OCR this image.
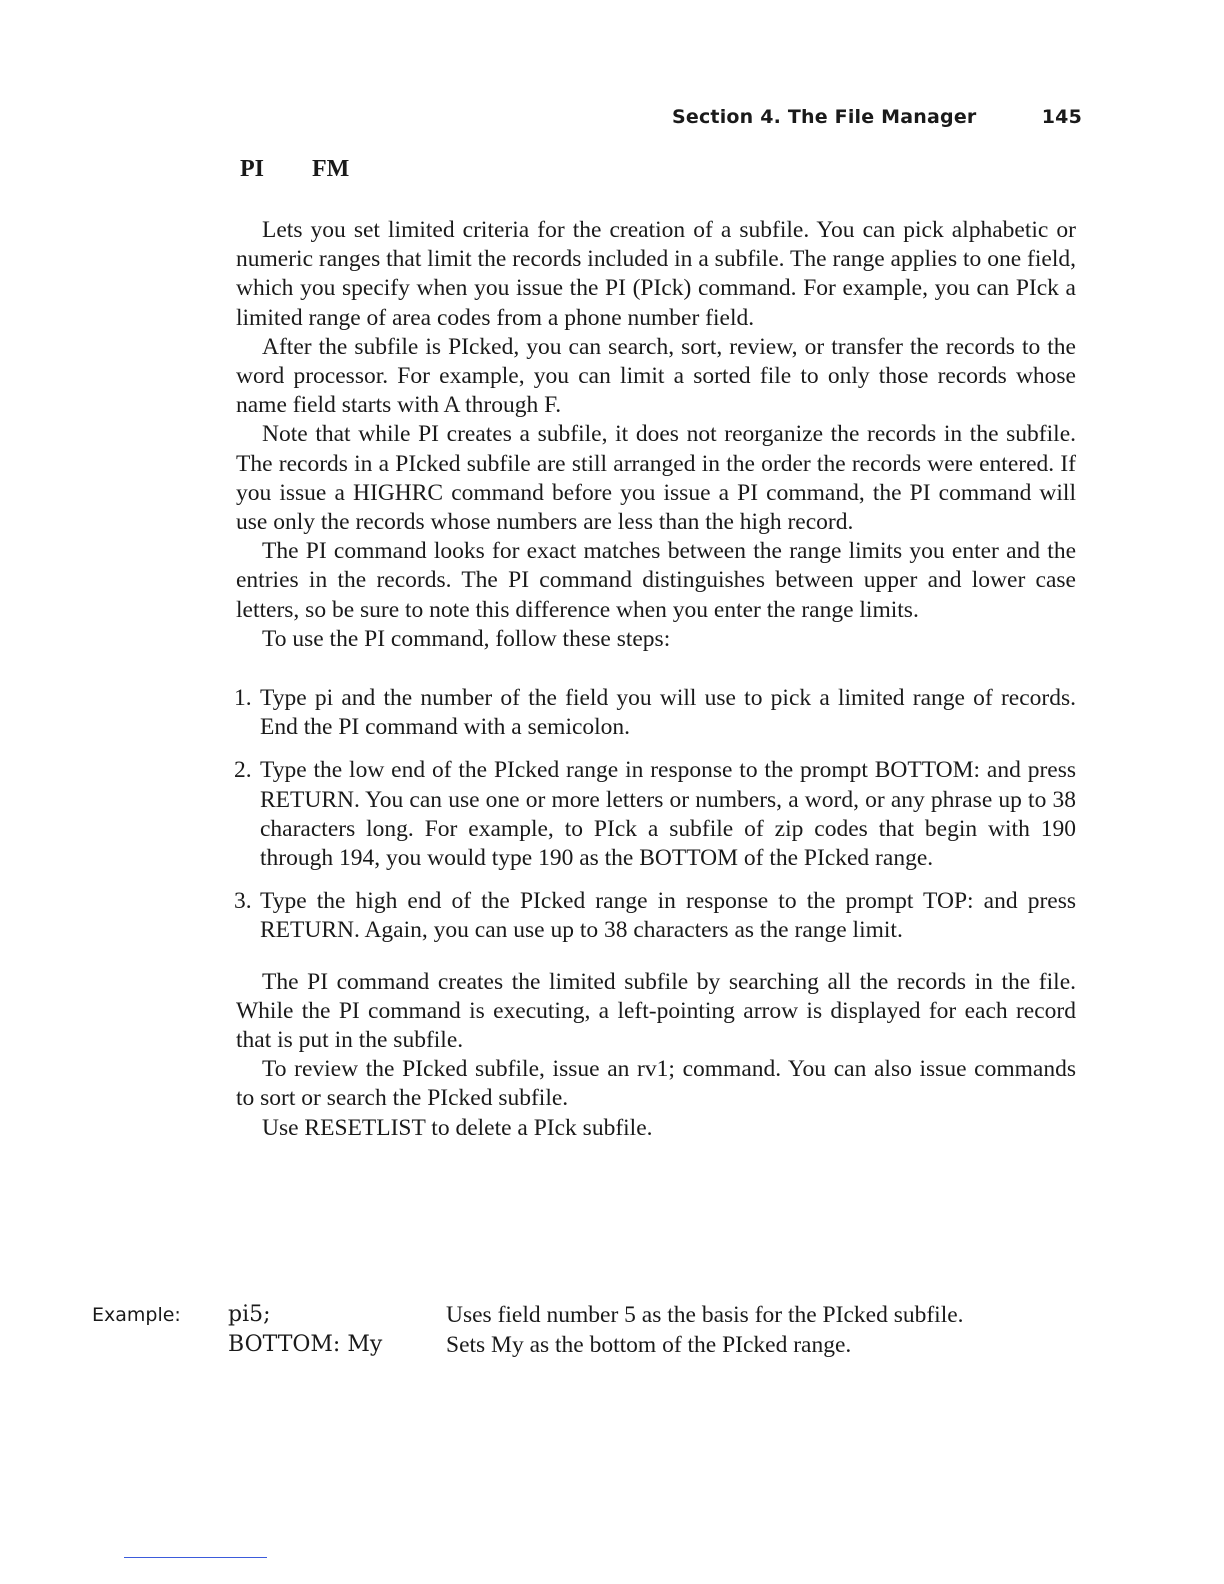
Section 4. The File Manager	145
PI FM

Lets you set limited criteria for the creation of a subfile. You can pick alphabetic or numeric ranges that limit the records included in a subfile. The range applies to one field, which you specify when you issue the PI (PIck) command. For example, you can PIck a limited range of area codes from a phone number field.

After the subfile is PIcked, you can search, sort, review, or transfer the records to the word processor. For example, you can limit a sorted file to only those records whose name field starts with A through F.

Note that while PI creates a subfile, it does not reorganize the records in the subfile. The records in a PIcked subfile are still arranged in the order the records were entered. If you issue a HIGHRC command before you issue a PI command, the PI command will use only the records whose numbers are less than the high record.

The PI command looks for exact matches between the range limits you enter and the entries in the records. The PI command distinguishes between upper and lower case letters, so be sure to note this difference when you enter the range limits.

To use the PI command, follow these steps:

1. Type pi and the number of the field you will use to pick a limited range of records. End the PI command with a semicolon.
2. Type the low end of the PIcked range in response to the prompt BOTTOM: and press RETURN. You can use one or more letters or numbers, a word, or any phrase up to 38 characters long. For example, to PIck a subfile of zip codes that begin with 190 through 194, you would type 190 as the BOTTOM of the PIcked range.
3. Type the high end of the PIcked range in response to the prompt TOP: and press RETURN. Again, you can use up to 38 characters as the range limit.

The PI command creates the limited subfile by searching all the records in the file. While the PI command is executing, a left-pointing arrow is displayed for each record that is put in the subfile.

To review the PIcked subfile, issue an rv1; command. You can also issue commands to sort or search the PIcked subfile.

Use RESETLIST to delete a PIck subfile.

Example: pi5;	Uses field number 5 as the basis for the PIcked subfile.
BOTTOM: My	Sets My as the bottom of the PIcked range.
